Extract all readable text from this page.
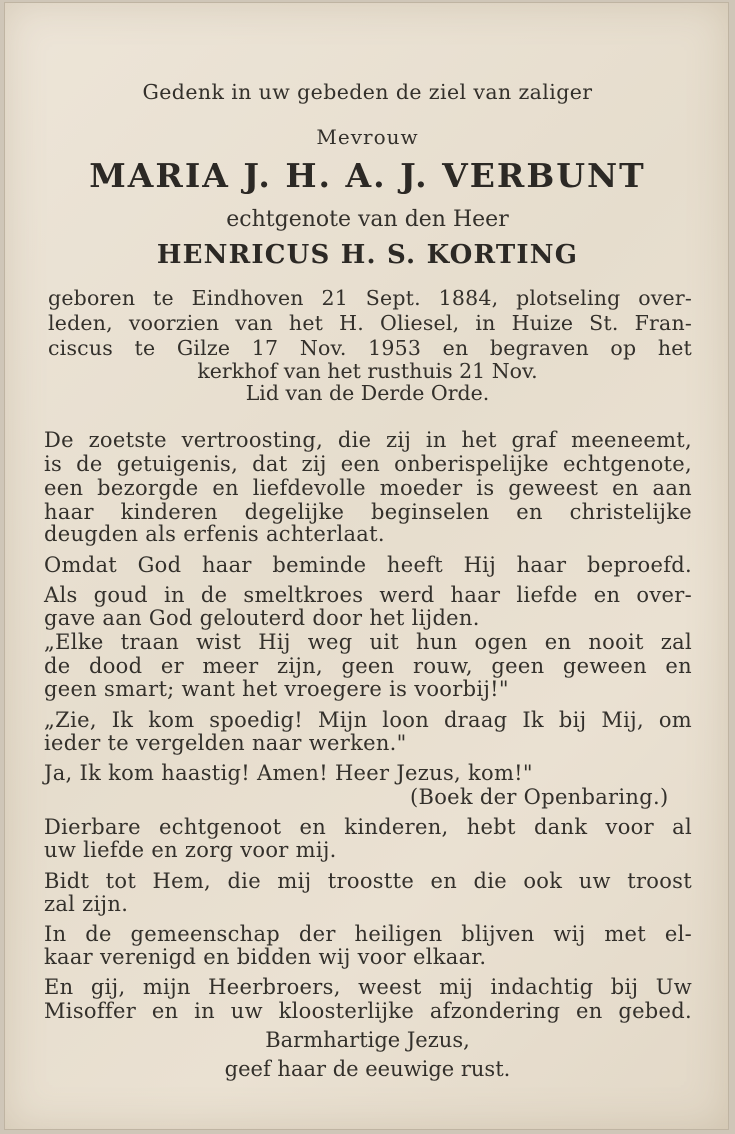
Gedenk in uw gebeden de ziel van zaliger
Mevrouw
MARIA J. H. A. J. VERBUNT
echtgenote van den Heer
HENRICUS H. S. KORTING
geboren te Eindhoven 21 Sept. 1884, plotseling over-
leden, voorzien van het H. Oliesel, in Huize St. Fran-
ciscus te Gilze 17 Nov. 1953 en begraven op het
kerkhof van het rusthuis 21 Nov.
Lid van de Derde Orde.
De zoetste vertroosting, die zij in het graf meeneemt,
is de getuigenis, dat zij een onberispelijke echtgenote,
een bezorgde en liefdevolle moeder is geweest en aan
haar kinderen degelijke beginselen en christelijke
deugden als erfenis achterlaat.
Omdat God haar beminde heeft Hij haar beproefd.
Als goud in de smeltkroes werd haar liefde en over-
gave aan God gelouterd door het lijden.
„Elke traan wist Hij weg uit hun ogen en nooit zal
de dood er meer zijn, geen rouw, geen geween en
geen smart; want het vroegere is voorbij!"
„Zie, Ik kom spoedig! Mijn loon draag Ik bij Mij, om
ieder te vergelden naar werken."
Ja, Ik kom haastig! Amen! Heer Jezus, kom!"
(Boek der Openbaring.)
Dierbare echtgenoot en kinderen, hebt dank voor al
uw liefde en zorg voor mij.
Bidt tot Hem, die mij troostte en die ook uw troost
zal zijn.
In de gemeenschap der heiligen blijven wij met el-
kaar verenigd en bidden wij voor elkaar.
En gij, mijn Heerbroers, weest mij indachtig bij Uw
Misoffer en in uw kloosterlijke afzondering en gebed.
Barmhartige Jezus,
geef haar de eeuwige rust.
